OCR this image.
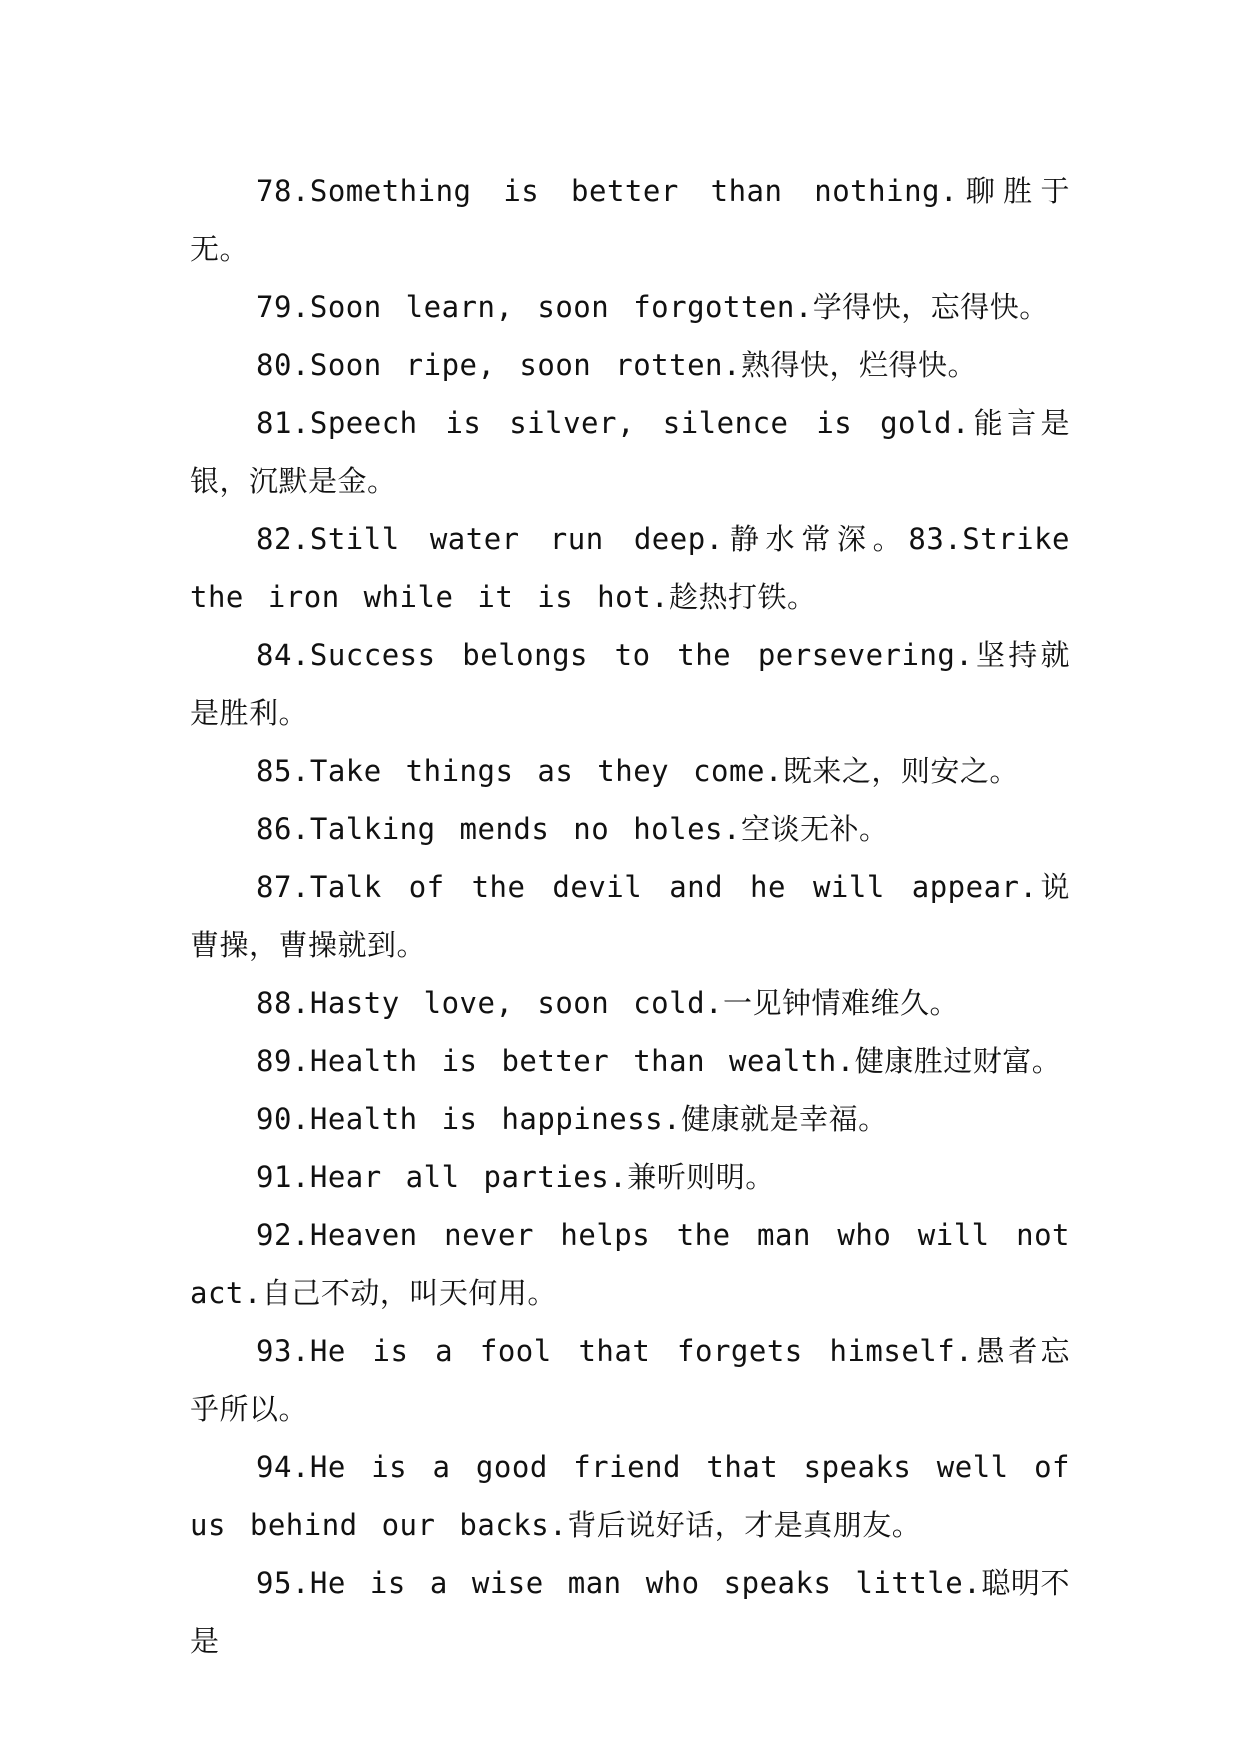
78.Something is better than nothing.聊胜于无。

79.Soon learn, soon forgotten.学得快，忘得快。

80.Soon ripe, soon rotten.熟得快，烂得快。

81.Speech is silver, silence is gold.能言是银，沉默是金。

82.Still water run deep.静水常深。83.Strike the iron while it is hot.趁热打铁。

84.Success belongs to the persevering.坚持就是胜利。

85.Take things as they come.既来之，则安之。

86.Talking mends no holes.空谈无补。

87.Talk of the devil and he will appear.说曹操，曹操就到。

88.Hasty love, soon cold.一见钟情难维久。

89.Health is better than wealth.健康胜过财富。

90.Health is happiness.健康就是幸福。

91.Hear all parties.兼听则明。

92.Heaven never helps the man who will not act.自己不动，叫天何用。

93.He is a fool that forgets himself.愚者忘乎所以。

94.He is a good friend that speaks well of us behind our backs.背后说好话，才是真朋友。

95.He is a wise man who speaks little.聪明不是
